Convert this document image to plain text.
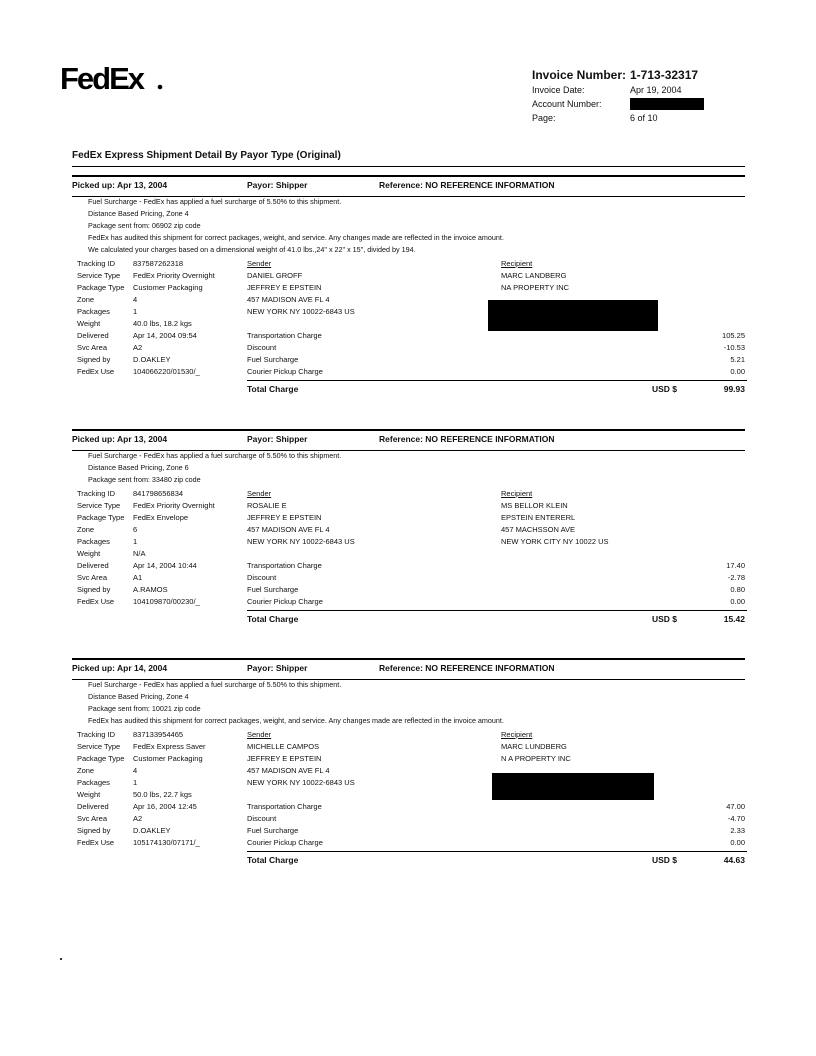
FedEx	Invoice Number: 1-713-32317
Invoice Date:	Apr 19, 2004
Account Number:
Page:	6 of 10
FedEx Express Shipment Detail By Payor Type (Original)
Picked up: Apr 13, 2004	Payor: Shipper	Reference: NO REFERENCE INFORMATION
Fuel Surcharge - FedEx has applied a fuel surcharge of 5.50% to this shipment.
Distance Based Pricing, Zone 4
Package sent from: 06902 zip code
FedEx has audited this shipment for correct packages, weight, and service. Any changes made are reflected in the invoice amount.
We calculated your charges based on a dimensional weight of 41.0 lbs.,24" x 22" x 15", divided by 194.
Tracking ID	837587262318
Service Type	FedEx Priority Overnight
Package Type	Customer Packaging
Zone	4
Packages	1
Weight	40.0 lbs, 18.2 kgs
Delivered	Apr 14, 2004 09:54
Svc Area	A2
Signed by	D.OAKLEY
FedEx Use	104066220/01530/_
Sender
DANIEL GROFF
JEFFREY E EPSTEIN
457 MADISON AVE FL 4
NEW YORK NY 10022-6843 US
Recipient
MARC LANDBERG
NA PROPERTY INC
Transportation Charge	105.25
Discount	-10.53
Fuel Surcharge	5.21
Courier Pickup Charge	0.00
Total Charge	USD $	99.93
Picked up: Apr 13, 2004	Payor: Shipper	Reference: NO REFERENCE INFORMATION
Fuel Surcharge - FedEx has applied a fuel surcharge of 5.50% to this shipment.
Distance Based Pricing, Zone 6
Package sent from: 33480 zip code
Tracking ID	841798656834
Service Type	FedEx Priority Overnight
Package Type	FedEx Envelope
Zone	6
Packages	1
Weight	N/A
Delivered	Apr 14, 2004 10:44
Svc Area	A1
Signed by	A.RAMOS
FedEx Use	104109870/00230/_
Sender
ROSALIE E
JEFFREY E EPSTEIN
457 MADISON AVE FL 4
NEW YORK NY 10022-6843 US
Recipient
MS BELLOR KLEIN
EPSTEIN ENTERERL
457 MACHSSON AVE
NEW YORK CITY NY 10022 US
Transportation Charge	17.40
Discount	-2.78
Fuel Surcharge	0.80
Courier Pickup Charge	0.00
Total Charge	USD $	15.42
Picked up: Apr 14, 2004	Payor: Shipper	Reference: NO REFERENCE INFORMATION
Fuel Surcharge - FedEx has applied a fuel surcharge of 5.50% to this shipment.
Distance Based Pricing, Zone 4
Package sent from: 10021 zip code
FedEx has audited this shipment for correct packages, weight, and service. Any changes made are reflected in the invoice amount.
Tracking ID	837133954465
Service Type	FedEx Express Saver
Package Type	Customer Packaging
Zone	4
Packages	1
Weight	50.0 lbs, 22.7 kgs
Delivered	Apr 16, 2004 12:45
Svc Area	A2
Signed by	D.OAKLEY
FedEx Use	105174130/07171/_
Sender
MICHELLE CAMPOS
JEFFREY E EPSTEIN
457 MADISON AVE FL 4
NEW YORK NY 10022-6843 US
Recipient
MARC LUNDBERG
N A PROPERTY INC
Transportation Charge	47.00
Discount	-4.70
Fuel Surcharge	2.33
Courier Pickup Charge	0.00
Total Charge	USD $	44.63
